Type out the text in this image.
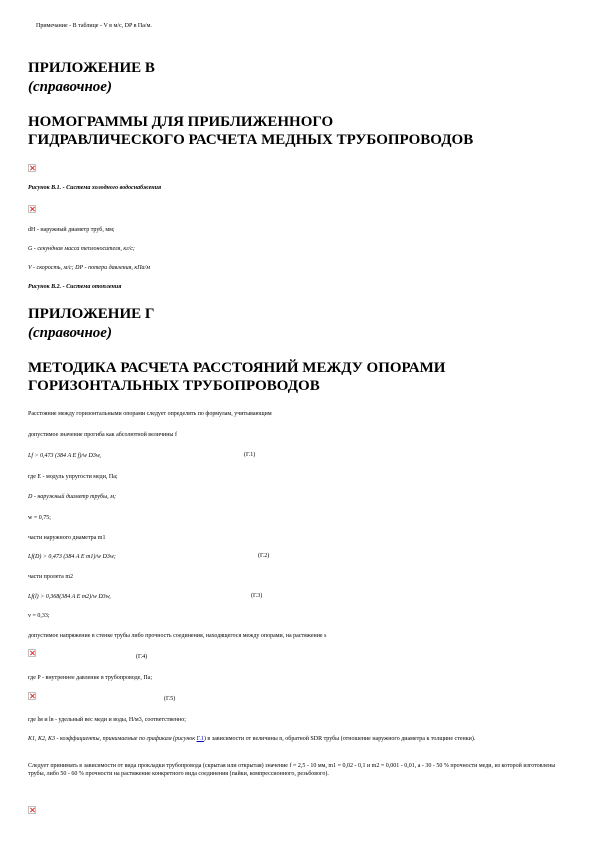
Примечание - В таблице - V в м/с, DP в Па/м.
ПРИЛОЖЕНИЕ В
(справочное)
НОМОГРАММЫ ДЛЯ ПРИБЛИЖЕННОГО
ГИДРАВЛИЧЕСКОГО РАСЧЕТА МЕДНЫХ ТРУБОПРОВОДОВ
Рисунок В.1. - Система холодного водоснабжения
dН - наружный диаметр труб, мм;
G - секундная масса теплоносителя, кг/с;
V - скорость, м/с; DP - потери давления, кПа/м
Рисунок В.2. - Система отопления
ПРИЛОЖЕНИЕ Г
(справочное)
МЕТОДИКА РАСЧЕТА РАССТОЯНИЙ МЕЖДУ ОПОРАМИ
ГОРИЗОНТАЛЬНЫХ ТРУБОПРОВОДОВ
Расстояние между горизонтальными опорами следует определять по формулам, учитывающим
допустимое значение прогиба как абсолютной величины f
Lf > 0,473 (384 A E f)/w D3w,	(Г.1)
где E - модуль упругости меди, Па;
D - наружный диаметр трубы, м;
w = 0,75;
части наружного диаметра m1
Lf(D) > 0,473 (384 A E m1)/w D3w;	(Г.2)
части пролета m2
Lf(l) > 0,368(384 A E m2)/w D3w,	(Г.3)
v = 0,33;
допустимое напряжение в стенке трубы либо прочность соединения, находящегося между опорами, на растяжение s
(Г.4)
где P - внутреннее давление в трубопроводе, Па;
(Г.5)
где lм и lв - удельный вес меди и воды, Н/м3, соответственно;
К1, К2, К3 - коэффициенты, принимаемые по графикам (рисунок Г.1) в зависимости от величины n, обратной SDR трубы (отношение наружного диаметра к толщине стенки).
Следует принимать в зависимости от вида прокладки трубопровода (скрытая или открытая) значение f = 2,5 - 10 мм, m1 = 0,02 - 0,1 и m2 = 0,001 - 0,01, a - 30 - 50 % прочности меди, из которой изготовлены трубы, либо 50 - 60 % прочности на растяжение конкретного вида соединения (пайки, компрессионного, резьбового).
